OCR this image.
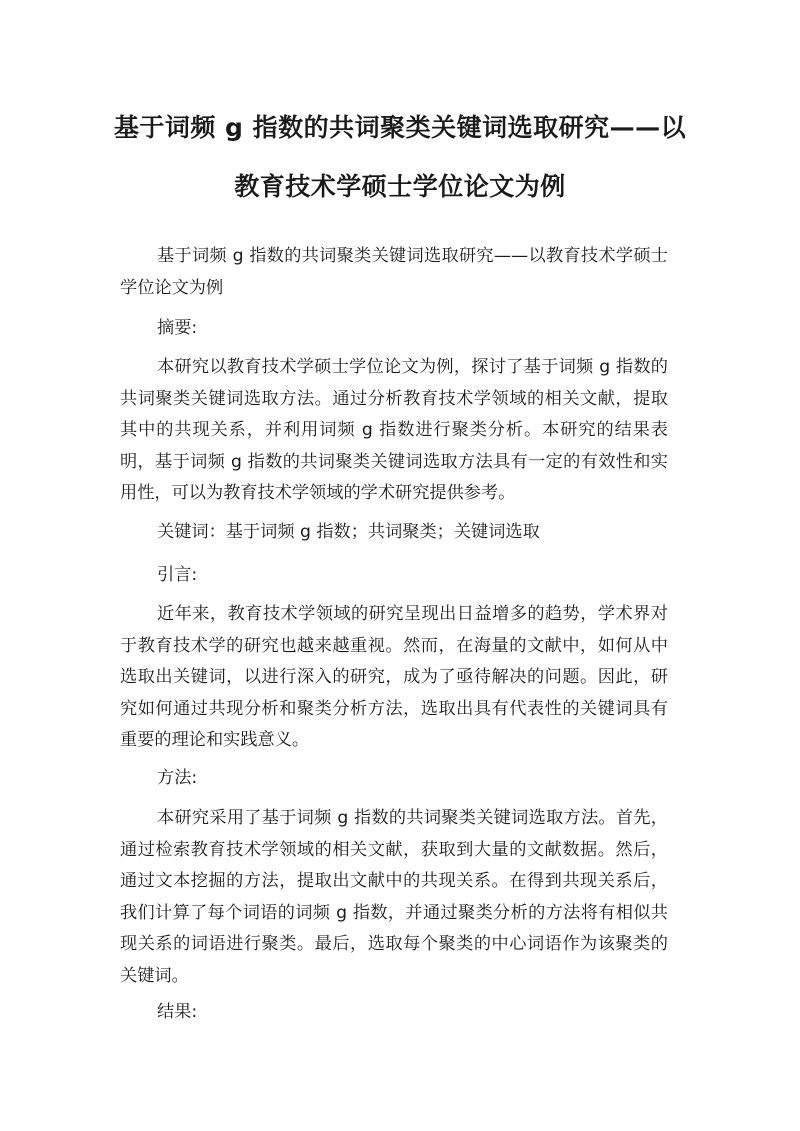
基于词频 g 指数的共词聚类关键词选取研究——以
教育技术学硕士学位论文为例
基于词频 g 指数的共词聚类关键词选取研究——以教育技术学硕士学位论文为例
摘要:
本研究以教育技术学硕士学位论文为例，探讨了基于词频 g 指数的共词聚类关键词选取方法。通过分析教育技术学领域的相关文献，提取其中的共现关系，并利用词频 g 指数进行聚类分析。本研究的结果表明，基于词频 g 指数的共词聚类关键词选取方法具有一定的有效性和实用性，可以为教育技术学领域的学术研究提供参考。
关键词：基于词频 g 指数；共词聚类；关键词选取
引言:
近年来，教育技术学领域的研究呈现出日益增多的趋势，学术界对于教育技术学的研究也越来越重视。然而，在海量的文献中，如何从中选取出关键词，以进行深入的研究，成为了亟待解决的问题。因此，研究如何通过共现分析和聚类分析方法，选取出具有代表性的关键词具有重要的理论和实践意义。
方法:
本研究采用了基于词频 g 指数的共词聚类关键词选取方法。首先，通过检索教育技术学领域的相关文献，获取到大量的文献数据。然后，通过文本挖掘的方法，提取出文献中的共现关系。在得到共现关系后，我们计算了每个词语的词频 g 指数，并通过聚类分析的方法将有相似共现关系的词语进行聚类。最后，选取每个聚类的中心词语作为该聚类的关键词。
结果:
